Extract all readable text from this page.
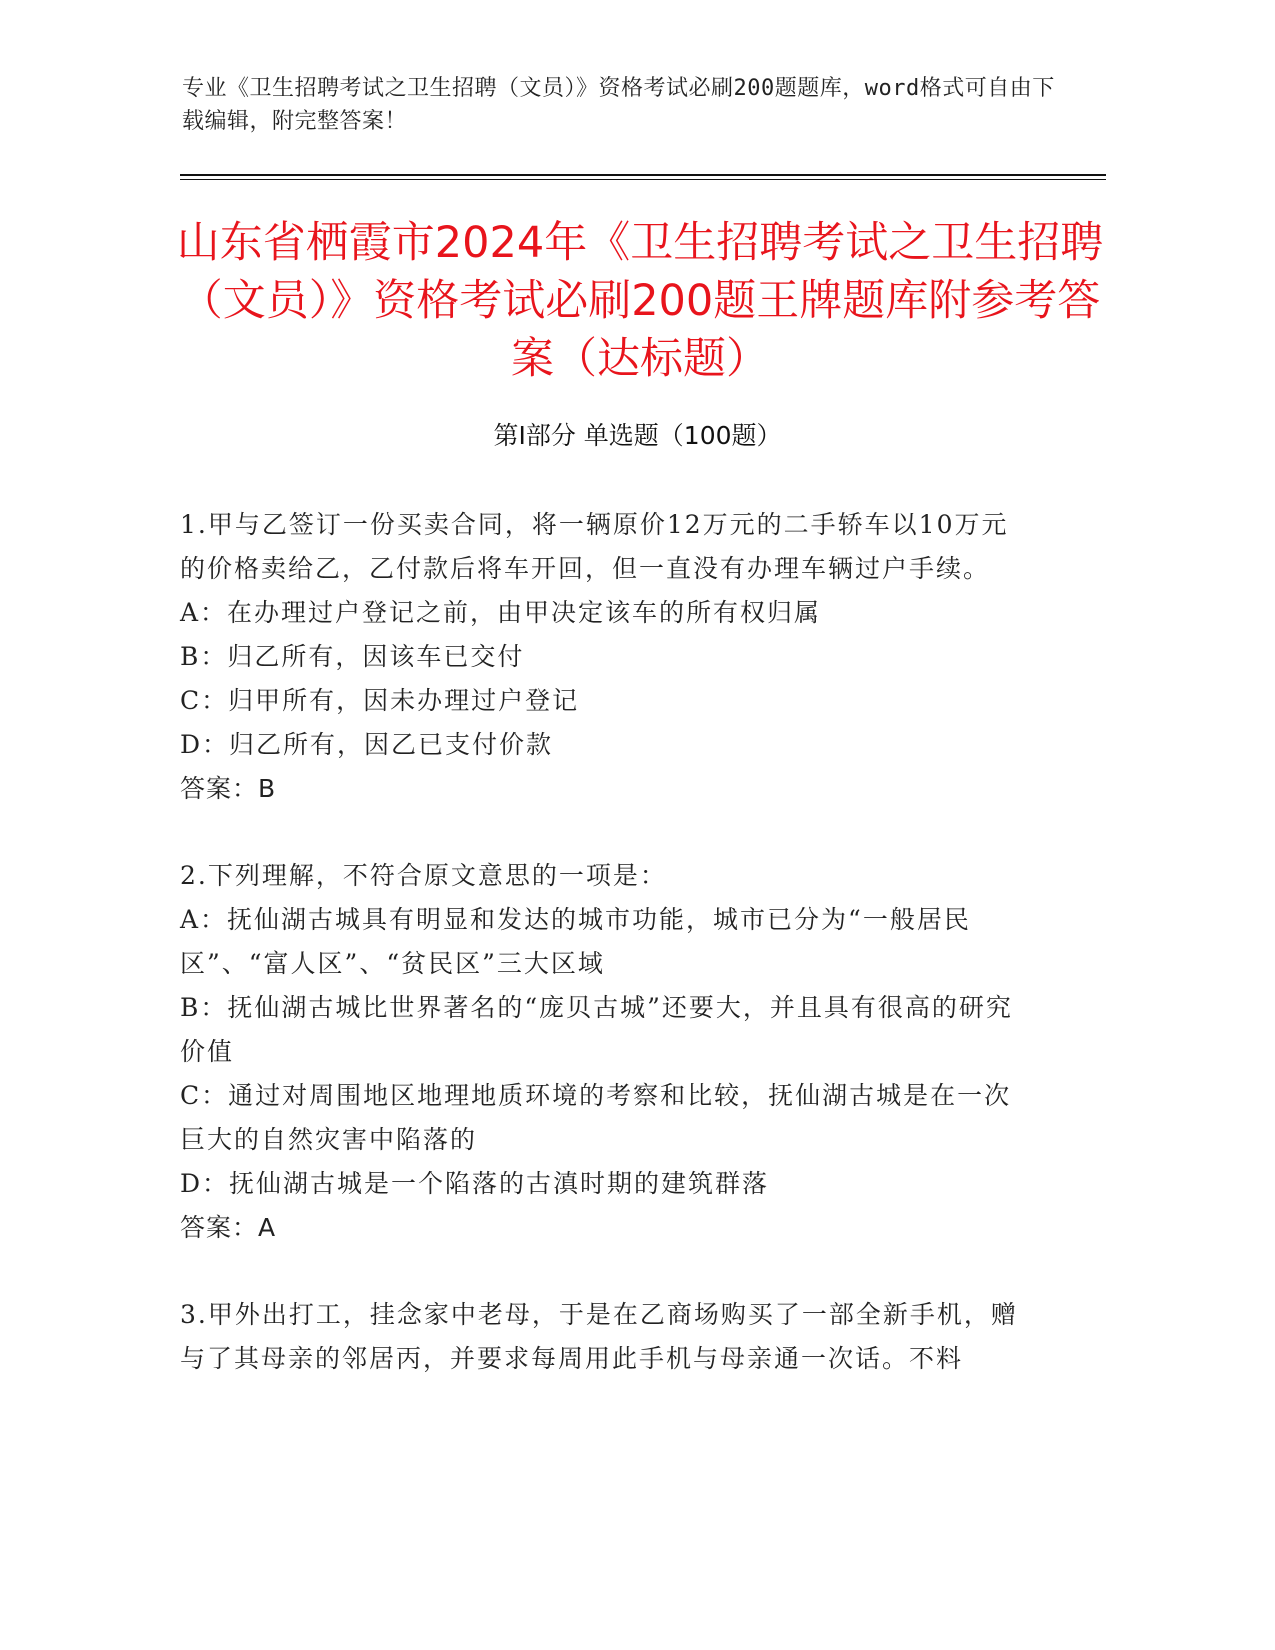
专业《卫生招聘考试之卫生招聘（文员）》资格考试必刷200题题库，word格式可自由下载编辑，附完整答案！
山东省栖霞市2024年《卫生招聘考试之卫生招聘（文员）》资格考试必刷200题王牌题库附参考答案（达标题）
第I部分 单选题（100题）

1.甲与乙签订一份买卖合同，将一辆原价12万元的二手轿车以10万元的价格卖给乙，乙付款后将车开回，但一直没有办理车辆过户手续。

A：在办理过户登记之前，由甲决定该车的所有权归属

B：归乙所有，因该车已交付

C：归甲所有，因未办理过户登记

D：归乙所有，因乙已支付价款

答案：B

2.下列理解，不符合原文意思的一项是：

A：抚仙湖古城具有明显和发达的城市功能，城市已分为“一般居民区”、“富人区”、“贫民区”三大区域

B：抚仙湖古城比世界著名的“庞贝古城”还要大，并且具有很高的研究价值

C：通过对周围地区地理地质环境的考察和比较，抚仙湖古城是在一次巨大的自然灾害中陷落的

D：抚仙湖古城是一个陷落的古滇时期的建筑群落

答案：A

3.甲外出打工，挂念家中老母，于是在乙商场购买了一部全新手机，赠与了其母亲的邻居丙，并要求每周用此手机与母亲通一次话。不料
